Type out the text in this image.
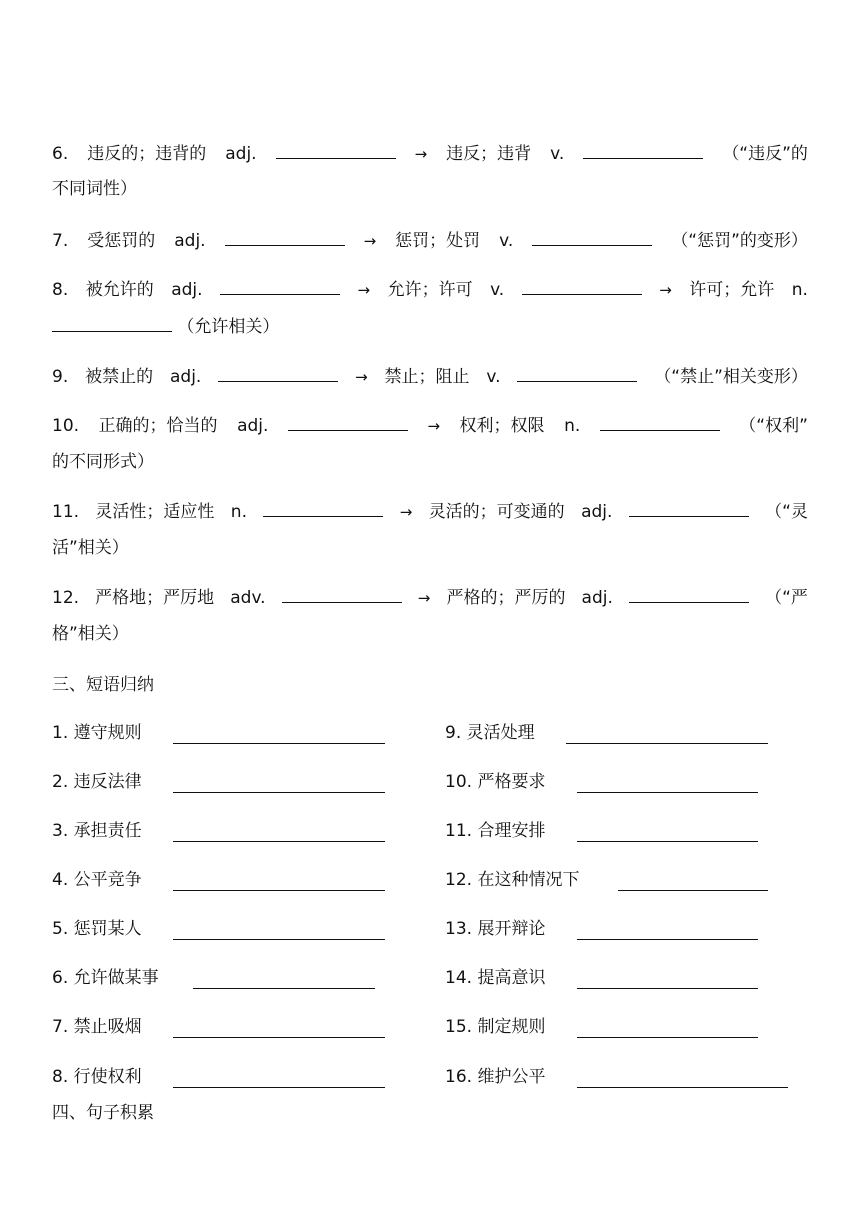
6. 违反的；违背的 adj.	→ 违反；违背 v.	（“违反”的
不同词性）
7. 受惩罚的 adj.	→ 惩罚；处罚 v.	（“惩罚”的变形）
8. 被允许的 adj.	→ 允许；许可 v.	→ 许可；允许 n.
（允许相关）
9. 被禁止的 adj.	→ 禁止；阻止 v.	（“禁止”相关变形）
10. 正确的；恰当的 adj.	→ 权利；权限 n.	（“权利”
的不同形式）
11. 灵活性；适应性 n.	→ 灵活的；可变通的 adj.	（“灵
活”相关）
12. 严格地；严厉地 adv.	→ 严格的；严厉的 adj.	（“严
格”相关）
三、短语归纳
1. 遵守规则
2. 违反法律
3. 承担责任
4. 公平竞争
5. 惩罚某人
6. 允许做某事
7. 禁止吸烟
8. 行使权利
9. 灵活处理
10. 严格要求
11. 合理安排
12. 在这种情况下
13. 展开辩论
14. 提高意识
15. 制定规则
16. 维护公平
四、句子积累
